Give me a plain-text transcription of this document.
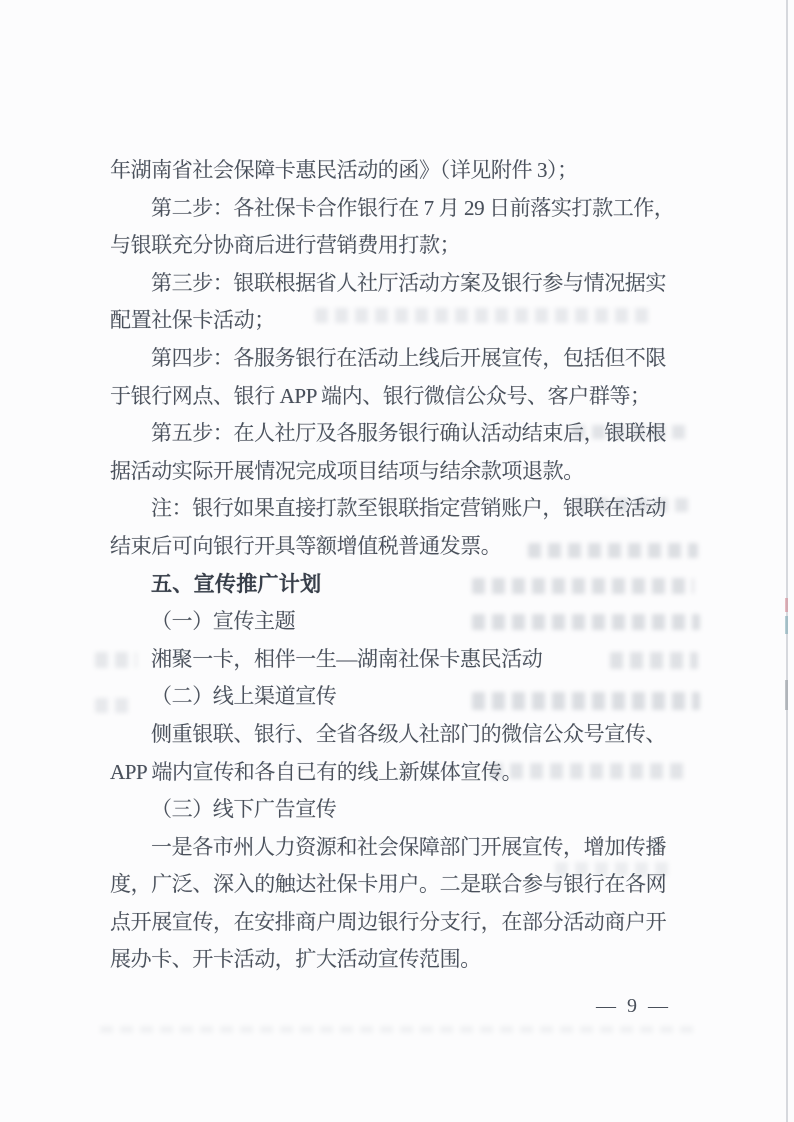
年湖南省社会保障卡惠民活动的函》（详见附件 3）；
第二步：各社保卡合作银行在 7 月 29 日前落实打款工作，
与银联充分协商后进行营销费用打款；
第三步：银联根据省人社厅活动方案及银行参与情况据实
配置社保卡活动；
第四步：各服务银行在活动上线后开展宣传，包括但不限
于银行网点、银行 APP 端内、银行微信公众号、客户群等；
第五步：在人社厅及各服务银行确认活动结束后，银联根
据活动实际开展情况完成项目结项与结余款项退款。
注：银行如果直接打款至银联指定营销账户，银联在活动
结束后可向银行开具等额增值税普通发票。
五、宣传推广计划
（一）宣传主题
湘聚一卡，相伴一生—湖南社保卡惠民活动
（二）线上渠道宣传
侧重银联、银行、全省各级人社部门的微信公众号宣传、
APP 端内宣传和各自已有的线上新媒体宣传。
（三）线下广告宣传
一是各市州人力资源和社会保障部门开展宣传，增加传播
度，广泛、深入的触达社保卡用户。二是联合参与银行在各网
点开展宣传，在安排商户周边银行分支行，在部分活动商户开
展办卡、开卡活动，扩大活动宣传范围。
— 9 —
